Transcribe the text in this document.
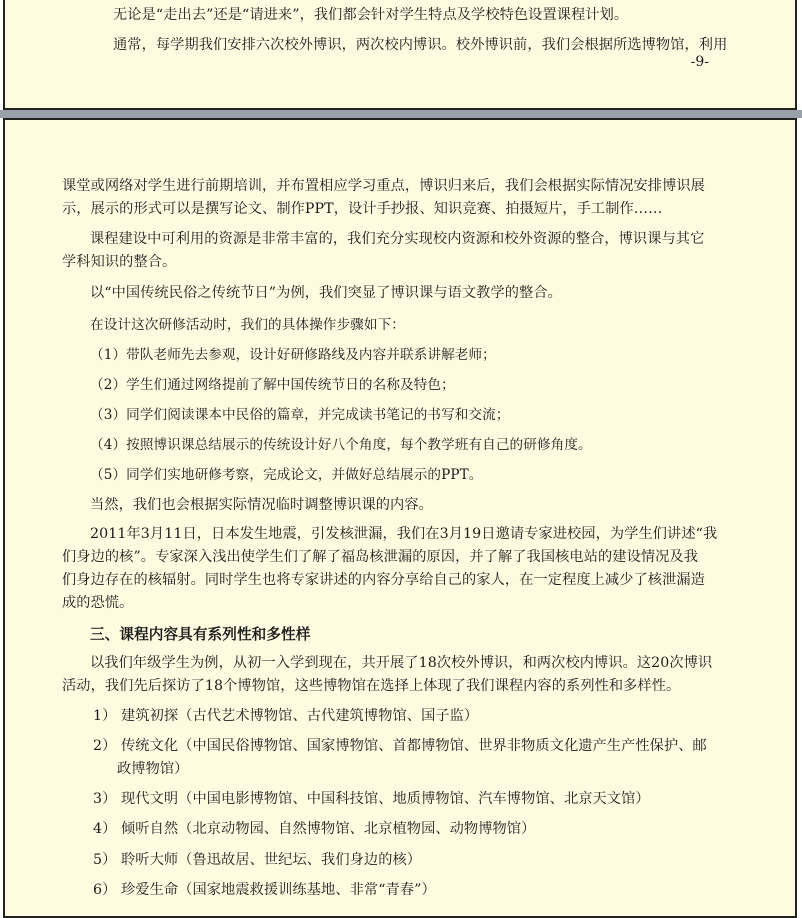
无论是“走出去”还是“请进来”，我们都会针对学生特点及学校特色设置课程计划。
通常，每学期我们安排六次校外博识，两次校内博识。校外博识前，我们会根据所选博物馆，利用
-9-
课堂或网络对学生进行前期培训，并布置相应学习重点，博识归来后，我们会根据实际情况安排博识展
示，展示的形式可以是撰写论文、制作PPT，设计手抄报、知识竞赛、拍摄短片，手工制作……
课程建设中可利用的资源是非常丰富的，我们充分实现校内资源和校外资源的整合，博识课与其它
学科知识的整合。
以“中国传统民俗之传统节日”为例，我们突显了博识课与语文教学的整合。
在设计这次研修活动时，我们的具体操作步骤如下：
（1）带队老师先去参观，设计好研修路线及内容并联系讲解老师；
（2）学生们通过网络提前了解中国传统节日的名称及特色；
（3）同学们阅读课本中民俗的篇章，并完成读书笔记的书写和交流；
（4）按照博识课总结展示的传统设计好八个角度，每个教学班有自己的研修角度。
（5）同学们实地研修考察，完成论文，并做好总结展示的PPT。
当然，我们也会根据实际情况临时调整博识课的内容。
2011年3月11日，日本发生地震，引发核泄漏，我们在3月19日邀请专家进校园，为学生们讲述“我
们身边的核”。专家深入浅出使学生们了解了福岛核泄漏的原因，并了解了我国核电站的建设情况及我
们身边存在的核辐射。同时学生也将专家讲述的内容分享给自己的家人，在一定程度上减少了核泄漏造
成的恐慌。
三、课程内容具有系列性和多性样
以我们年级学生为例，从初一入学到现在，共开展了18次校外博识，和两次校内博识。这20次博识
活动，我们先后探访了18个博物馆，这些博物馆在选择上体现了我们课程内容的系列性和多样性。
1） 建筑初探（古代艺术博物馆、古代建筑博物馆、国子监）
2） 传统文化（中国民俗博物馆、国家博物馆、首都博物馆、世界非物质文化遗产生产性保护、邮
政博物馆）
3） 现代文明（中国电影博物馆、中国科技馆、地质博物馆、汽车博物馆、北京天文馆）
4） 倾听自然（北京动物园、自然博物馆、北京植物园、动物博物馆）
5） 聆听大师（鲁迅故居、世纪坛、我们身边的核）
6） 珍爱生命（国家地震救援训练基地、非常“青春”）
